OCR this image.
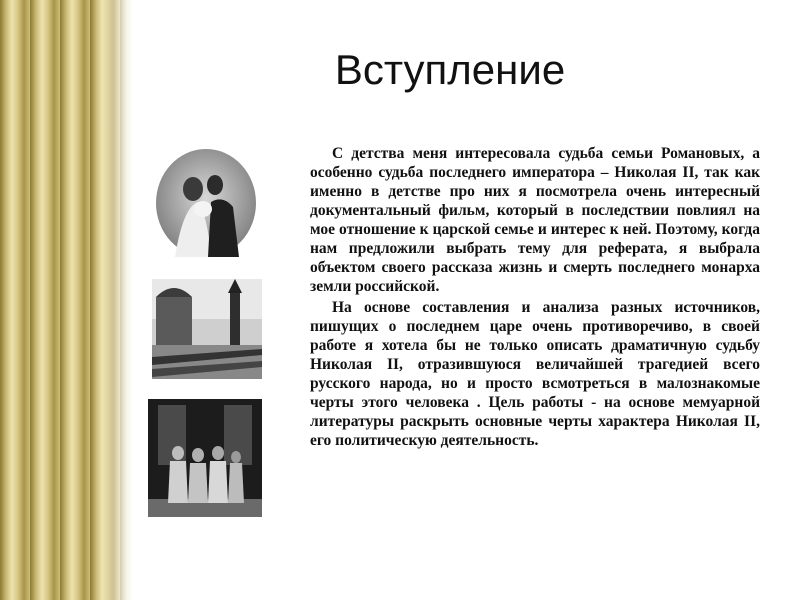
Вступление

С детства меня интересовала судьба семьи Романовых, а особенно судьба последнего императора – Николая II, так как именно в детстве про них я посмотрела очень интересный документальный фильм, который в последствии повлиял на мое отношение к царской семье и интерес к ней. Поэтому, когда нам предложили выбрать тему для реферата, я выбрала объектом своего рассказа жизнь и смерть последнего монарха земли российской.

На основе составления и анализа разных источников, пишущих о последнем царе очень противоречиво, в своей работе я хотела бы не только описать драматичную судьбу Николая II, отразившуюся величайшей трагедией всего русского народа, но и просто всмотреться в малознакомые черты этого человека . Цель работы - на основе мемуарной литературы раскрыть основные черты характера Николая II, его политическую деятельность.
